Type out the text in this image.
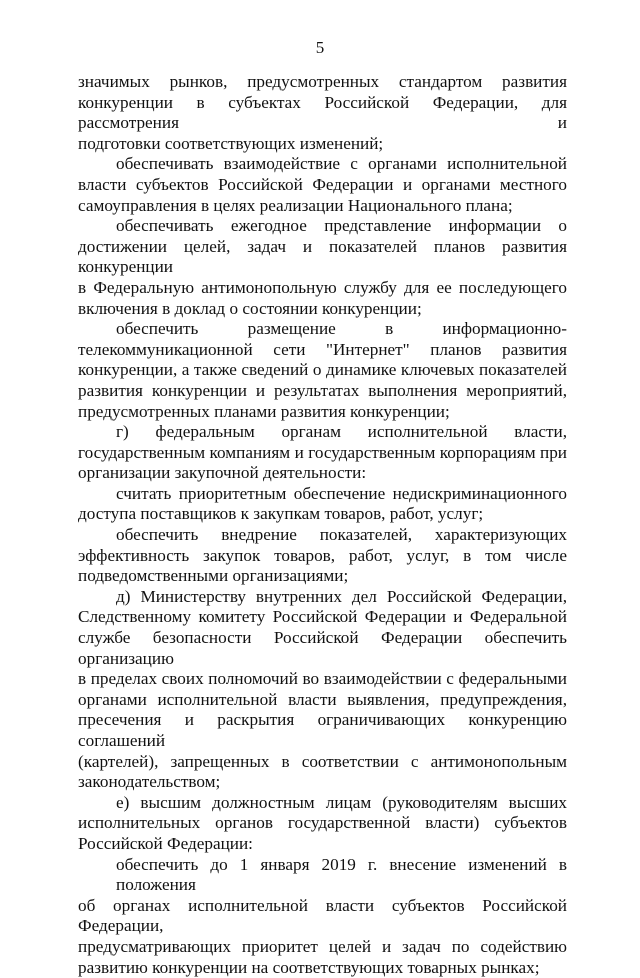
5

значимых рынков, предусмотренных стандартом развития
конкуренции в субъектах Российской Федерации, для рассмотрения и
подготовки соответствующих изменений;

обеспечивать взаимодействие с органами исполнительной
власти субъектов Российской Федерации и органами местного
самоуправления в целях реализации Национального плана;

обеспечивать ежегодное представление информации о
достижении целей, задач и показателей планов развития конкуренции
в Федеральную антимонопольную службу для ее последующего
включения в доклад о состоянии конкуренции;

обеспечить размещение в информационно-
телекоммуникационной сети "Интернет" планов развития
конкуренции, а также сведений о динамике ключевых показателей
развития конкуренции и результатах выполнения мероприятий,
предусмотренных планами развития конкуренции;

г) федеральным органам исполнительной власти,
государственным компаниям и государственным корпорациям при
организации закупочной деятельности:

считать приоритетным обеспечение недискриминационного
доступа поставщиков к закупкам товаров, работ, услуг;

обеспечить внедрение показателей, характеризующих
эффективность закупок товаров, работ, услуг, в том числе
подведомственными организациями;

д) Министерству внутренних дел Российской Федерации,
Следственному комитету Российской Федерации и Федеральной
службе безопасности Российской Федерации обеспечить организацию
в пределах своих полномочий во взаимодействии с федеральными
органами исполнительной власти выявления, предупреждения,
пресечения и раскрытия ограничивающих конкуренцию соглашений
(картелей), запрещенных в соответствии с антимонопольным
законодательством;

е) высшим должностным лицам (руководителям высших
исполнительных органов государственной власти) субъектов
Российской Федерации:

обеспечить до 1 января 2019 г. внесение изменений в положения
об органах исполнительной власти субъектов Российской Федерации,
предусматривающих приоритет целей и задач по содействию
развитию конкуренции на соответствующих товарных рынках;
